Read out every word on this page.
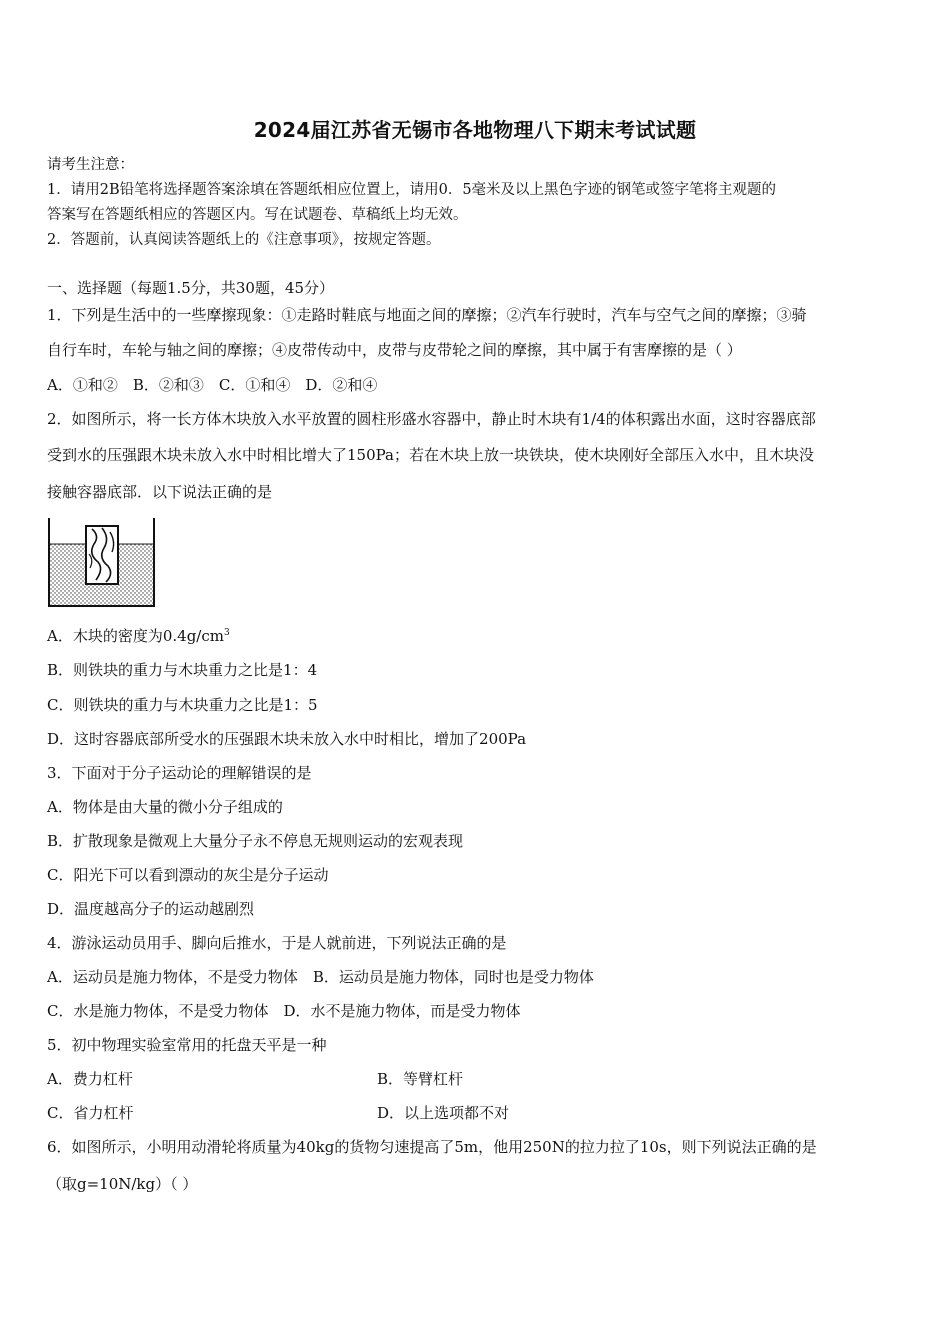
2024届江苏省无锡市各地物理八下期末考试试题
请考生注意：
1．请用2B铅笔将选择题答案涂填在答题纸相应位置上，请用0．5毫米及以上黑色字迹的钢笔或签字笔将主观题的
答案写在答题纸相应的答题区内。写在试题卷、草稿纸上均无效。
2．答题前，认真阅读答题纸上的《注意事项》，按规定答题。
一、选择题（每题1.5分，共30题，45分）
1．下列是生活中的一些摩擦现象：①走路时鞋底与地面之间的摩擦；②汽车行驶时，汽车与空气之间的摩擦；③骑
自行车时，车轮与轴之间的摩擦；④皮带传动中，皮带与皮带轮之间的摩擦，其中属于有害摩擦的是（ ）
A．①和②　B．②和③　C．①和④　D．②和④
2．如图所示，将一长方体木块放入水平放置的圆柱形盛水容器中，静止时木块有1/4的体积露出水面，这时容器底部
受到水的压强跟木块未放入水中时相比增大了150Pa；若在木块上放一块铁块，使木块刚好全部压入水中，且木块没
接触容器底部．以下说法正确的是
A．木块的密度为$0.4g/cm^3$
B．则铁块的重力与木块重力之比是1：4
C．则铁块的重力与木块重力之比是1：5
D．这时容器底部所受水的压强跟木块未放入水中时相比，增加了200Pa
3．下面对于分子运动论的理解错误的是
A．物体是由大量的微小分子组成的
B．扩散现象是微观上大量分子永不停息无规则运动的宏观表现
C．阳光下可以看到漂动的灰尘是分子运动
D．温度越高分子的运动越剧烈
4．游泳运动员用手、脚向后推水，于是人就前进，下列说法正确的是
A．运动员是施力物体，不是受力物体　B．运动员是施力物体，同时也是受力物体
C．水是施力物体，不是受力物体　D．水不是施力物体，而是受力物体
5．初中物理实验室常用的托盘天平是一种
A．费力杠杆	B．等臂杠杆
C．省力杠杆	D．以上选项都不对
6．如图所示，小明用动滑轮将质量为40kg的货物匀速提高了5m，他用250N的拉力拉了10s，则下列说法正确的是
（取g=10N/kg）（ ）
